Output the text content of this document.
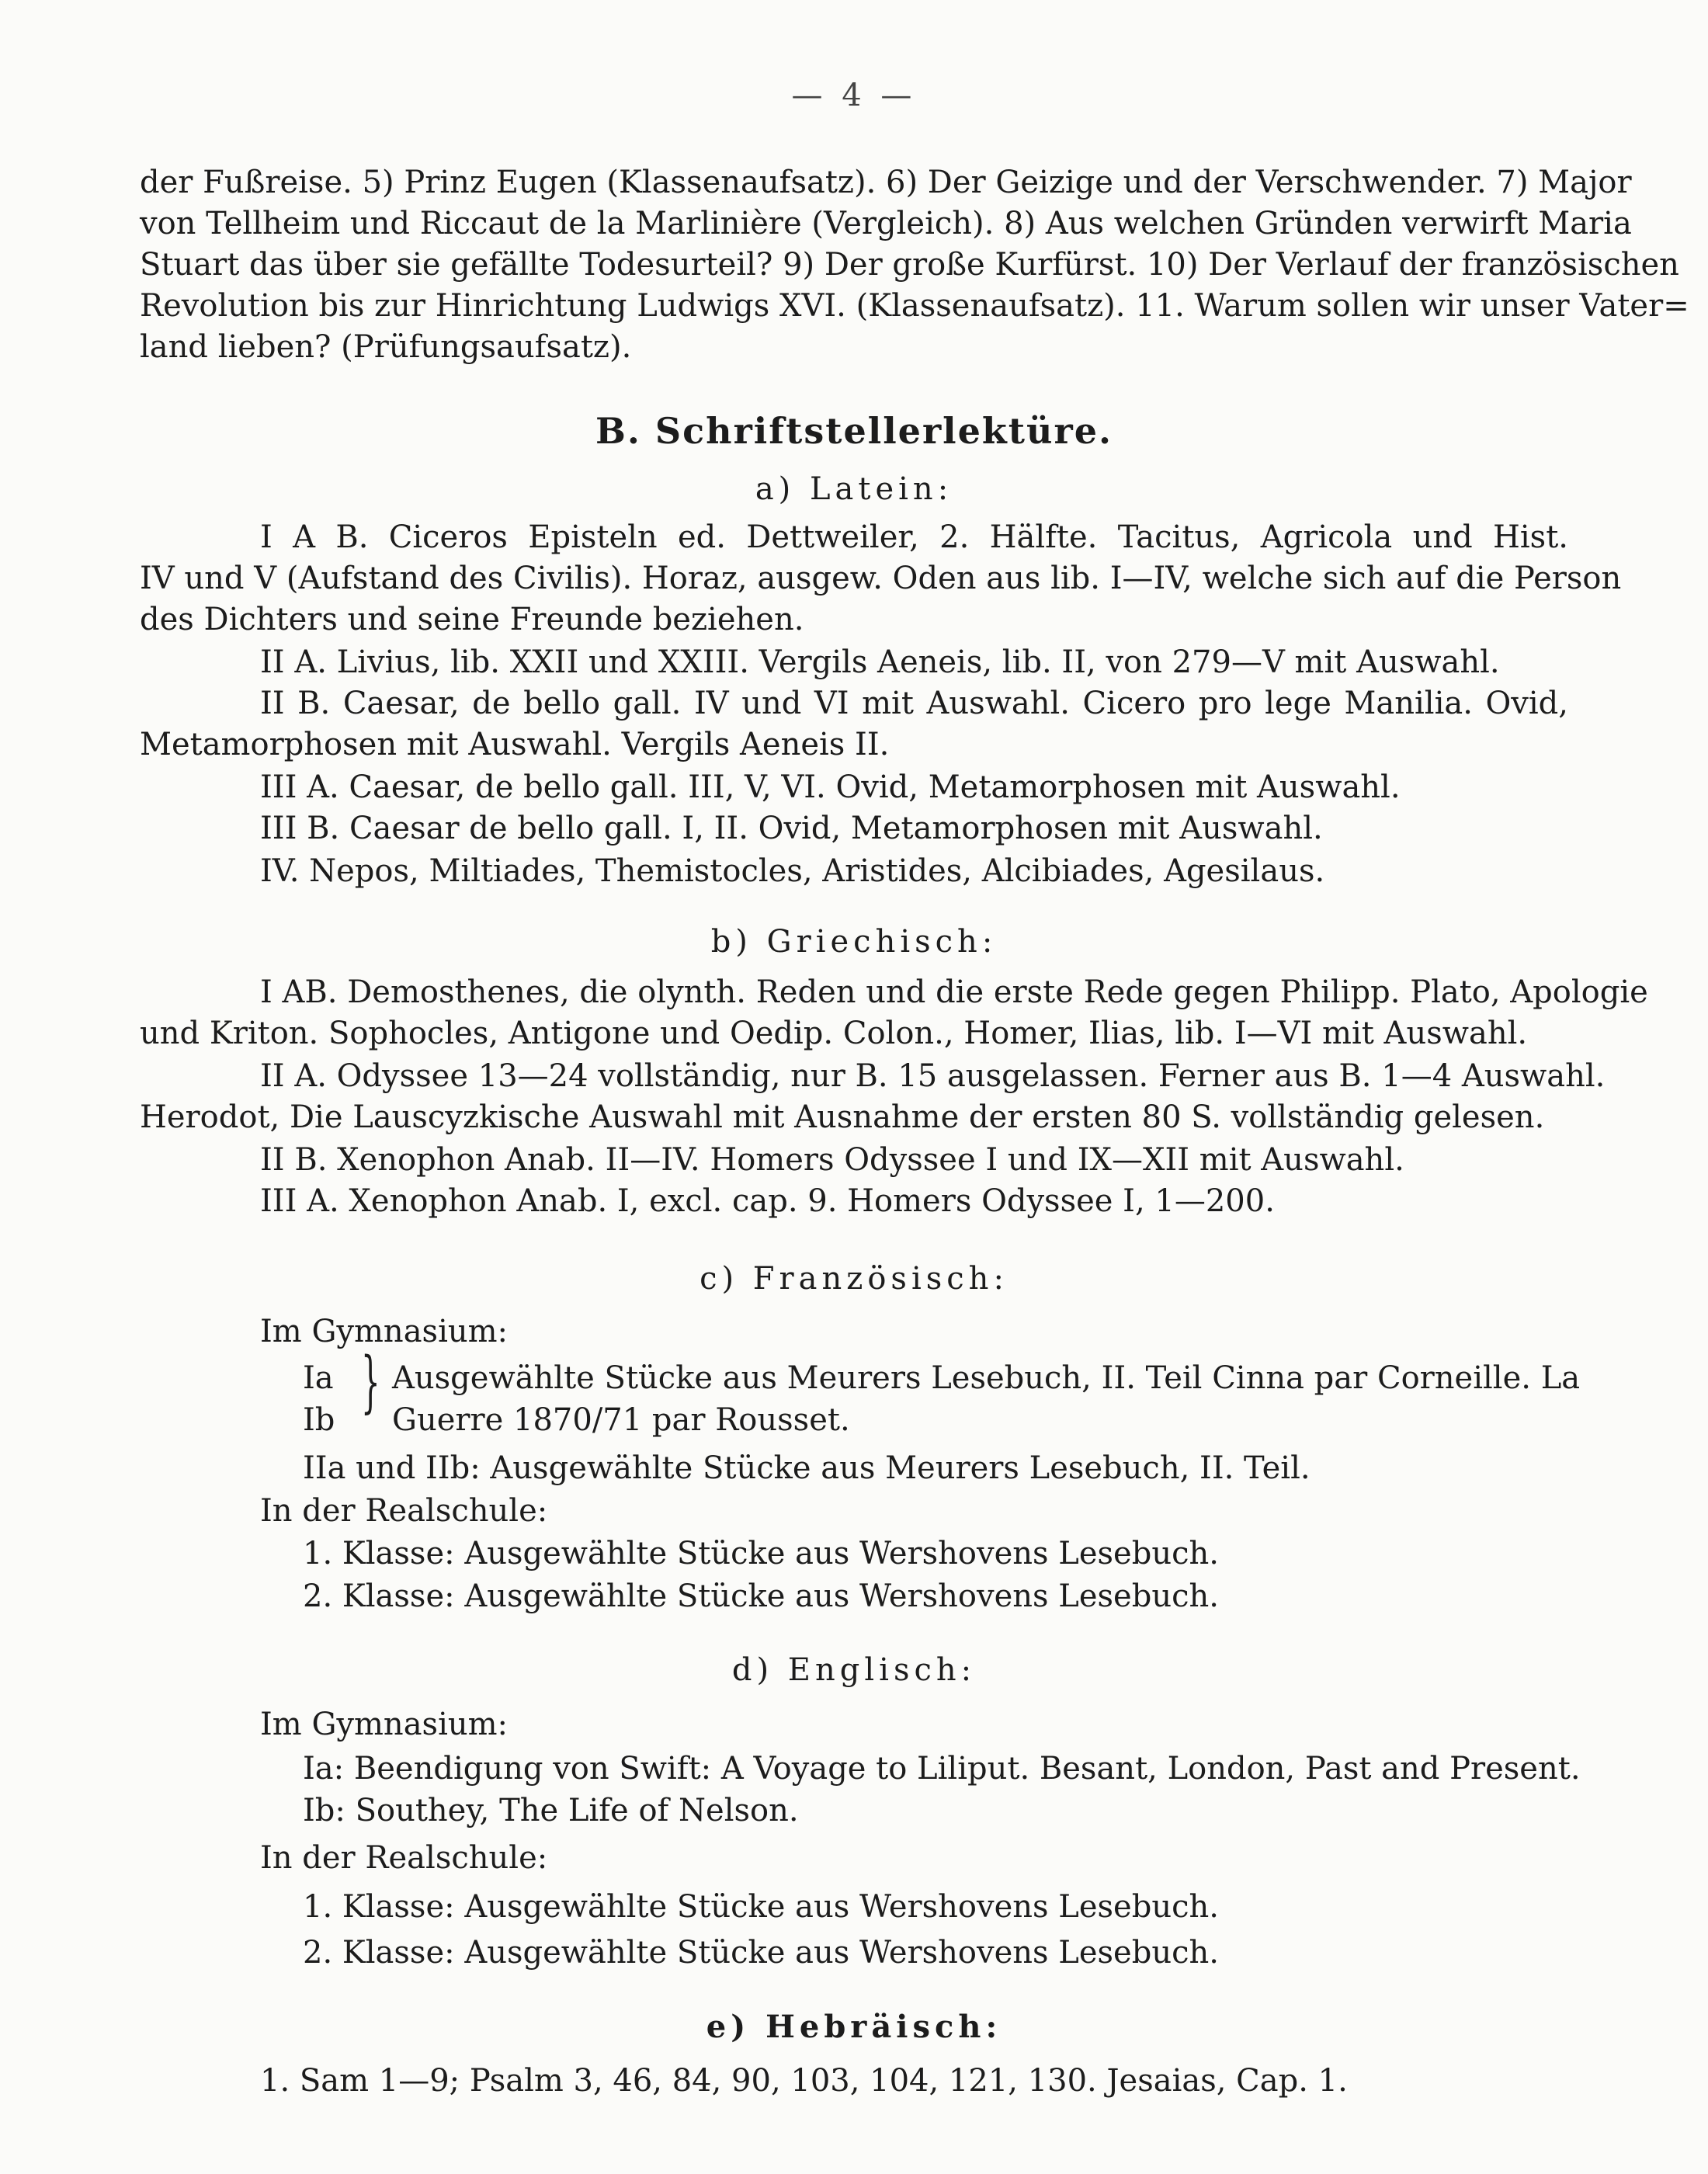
— 4 —
der Fußreise. 5) Prinz Eugen (Klassenaufsatz). 6) Der Geizige und der Verschwender. 7) Major
von Tellheim und Riccaut de la Marlinière (Vergleich). 8) Aus welchen Gründen verwirft Maria
Stuart das über sie gefällte Todesurteil? 9) Der große Kurfürst. 10) Der Verlauf der französischen
Revolution bis zur Hinrichtung Ludwigs XVI. (Klassenaufsatz). 11. Warum sollen wir unser Vater=
land lieben? (Prüfungsaufsatz).
B. Schriftstellerlektüre.
a) Latein:
I A B. Ciceros Episteln ed. Dettweiler, 2. Hälfte. Tacitus, Agricola und Hist.
IV und V (Aufstand des Civilis). Horaz, ausgew. Oden aus lib. I—IV, welche sich auf die Person
des Dichters und seine Freunde beziehen.
II A. Livius, lib. XXII und XXIII. Vergils Aeneis, lib. II, von 279—V mit Auswahl.
II B. Caesar, de bello gall. IV und VI mit Auswahl. Cicero pro lege Manilia. Ovid,
Metamorphosen mit Auswahl. Vergils Aeneis II.
III A. Caesar, de bello gall. III, V, VI. Ovid, Metamorphosen mit Auswahl.
III B. Caesar de bello gall. I, II. Ovid, Metamorphosen mit Auswahl.
IV. Nepos, Miltiades, Themistocles, Aristides, Alcibiades, Agesilaus.
b) Griechisch:
I AB. Demosthenes, die olynth. Reden und die erste Rede gegen Philipp. Plato, Apologie
und Kriton. Sophocles, Antigone und Oedip. Colon., Homer, Ilias, lib. I—VI mit Auswahl.
II A. Odyssee 13—24 vollständig, nur B. 15 ausgelassen. Ferner aus B. 1—4 Auswahl.
Herodot, Die Lauscyzkische Auswahl mit Ausnahme der ersten 80 S. vollständig gelesen.
II B. Xenophon Anab. II—IV. Homers Odyssee I und IX—XII mit Auswahl.
III A. Xenophon Anab. I, excl. cap. 9. Homers Odyssee I, 1—200.
c) Französisch:
Im Gymnasium:
Ia
Ib } Ausgewählte Stücke aus Meurers Lesebuch, II. Teil Cinna par Corneille. La
Guerre 1870/71 par Rousset.
IIa und IIb: Ausgewählte Stücke aus Meurers Lesebuch, II. Teil.
In der Realschule:
1. Klasse: Ausgewählte Stücke aus Wershovens Lesebuch.
2. Klasse: Ausgewählte Stücke aus Wershovens Lesebuch.
d) Englisch:
Im Gymnasium:
Ia: Beendigung von Swift: A Voyage to Liliput. Besant, London, Past and Present.
Ib: Southey, The Life of Nelson.
In der Realschule:
1. Klasse: Ausgewählte Stücke aus Wershovens Lesebuch.
2. Klasse: Ausgewählte Stücke aus Wershovens Lesebuch.
e) Hebräisch:
1. Sam 1—9; Psalm 3, 46, 84, 90, 103, 104, 121, 130. Jesaias, Cap. 1.
